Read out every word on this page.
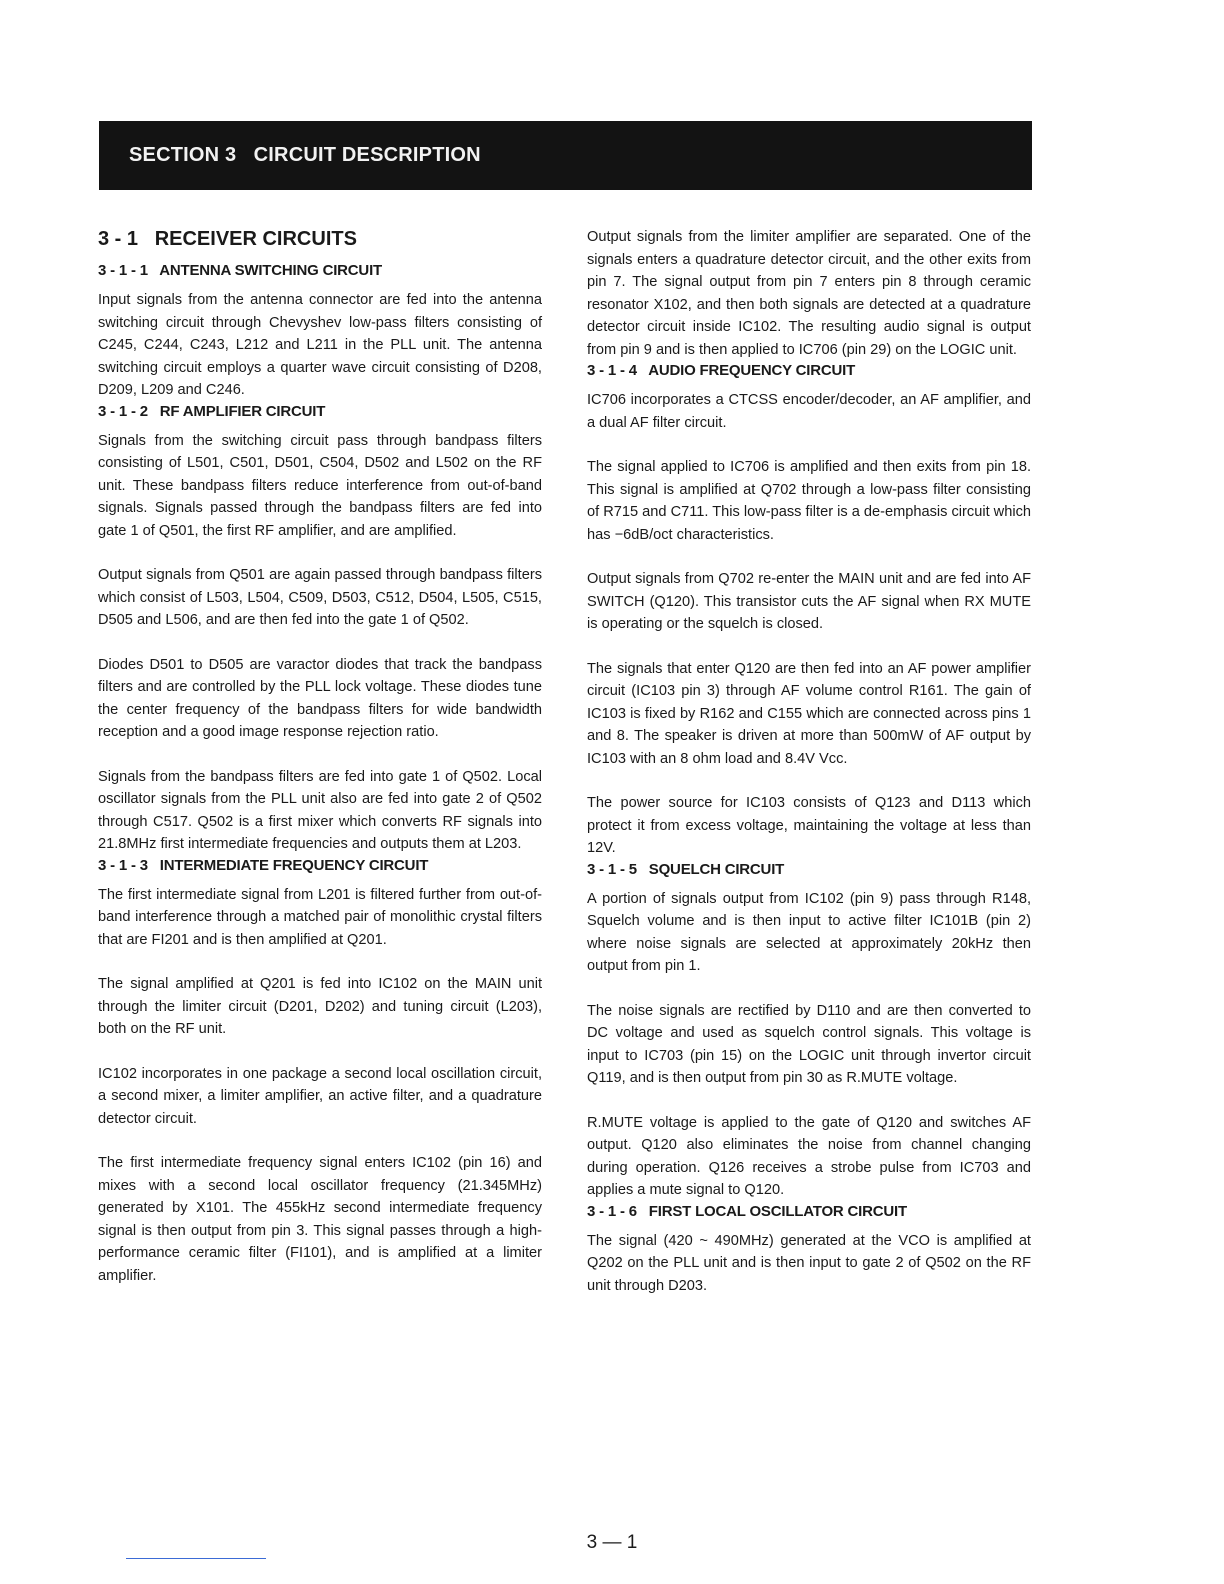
SECTION 3   CIRCUIT DESCRIPTION
3 - 1   RECEIVER CIRCUITS
3 - 1 - 1   ANTENNA SWITCHING CIRCUIT

Input signals from the antenna connector are fed into the antenna switching circuit through Chevyshev low-pass filters consisting of C245, C244, C243, L212 and L211 in the PLL unit. The antenna switching circuit employs a quarter wave circuit consisting of D208, D209, L209 and C246.

3 - 1 - 2   RF AMPLIFIER CIRCUIT

Signals from the switching circuit pass through bandpass filters consisting of L501, C501, D501, C504, D502 and L502 on the RF unit. These bandpass filters reduce interference from out-of-band signals. Signals passed through the bandpass filters are fed into gate 1 of Q501, the first RF amplifier, and are amplified.

Output signals from Q501 are again passed through bandpass filters which consist of L503, L504, C509, D503, C512, D504, L505, C515, D505 and L506, and are then fed into the gate 1 of Q502.

Diodes D501 to D505 are varactor diodes that track the bandpass filters and are controlled by the PLL lock voltage. These diodes tune the center frequency of the bandpass filters for wide bandwidth reception and a good image response rejection ratio.

Signals from the bandpass filters are fed into gate 1 of Q502. Local oscillator signals from the PLL unit also are fed into gate 2 of Q502 through C517. Q502 is a first mixer which converts RF signals into 21.8MHz first intermediate frequencies and outputs them at L203.

3 - 1 - 3   INTERMEDIATE FREQUENCY CIRCUIT

The first intermediate signal from L201 is filtered further from out-of-band interference through a matched pair of monolithic crystal filters that are FI201 and is then amplified at Q201.

The signal amplified at Q201 is fed into IC102 on the MAIN unit through the limiter circuit (D201, D202) and tuning circuit (L203), both on the RF unit.

IC102 incorporates in one package a second local oscillation circuit, a second mixer, a limiter amplifier, an active filter, and a quadrature detector circuit.

The first intermediate frequency signal enters IC102 (pin 16) and mixes with a second local oscillator frequency (21.345MHz) generated by X101. The 455kHz second intermediate frequency signal is then output from pin 3. This signal passes through a high-performance ceramic filter (FI101), and is amplified at a limiter amplifier.

Output signals from the limiter amplifier are separated. One of the signals enters a quadrature detector circuit, and the other exits from pin 7. The signal output from pin 7 enters pin 8 through ceramic resonator X102, and then both signals are detected at a quadrature detector circuit inside IC102. The resulting audio signal is output from pin 9 and is then applied to IC706 (pin 29) on the LOGIC unit.

3 - 1 - 4   AUDIO FREQUENCY CIRCUIT

IC706 incorporates a CTCSS encoder/decoder, an AF amplifier, and a dual AF filter circuit.

The signal applied to IC706 is amplified and then exits from pin 18. This signal is amplified at Q702 through a low-pass filter consisting of R715 and C711. This low-pass filter is a de-emphasis circuit which has −6dB/oct characteristics.

Output signals from Q702 re-enter the MAIN unit and are fed into AF SWITCH (Q120). This transistor cuts the AF signal when RX MUTE is operating or the squelch is closed.

The signals that enter Q120 are then fed into an AF power amplifier circuit (IC103 pin 3) through AF volume control R161. The gain of IC103 is fixed by R162 and C155 which are connected across pins 1 and 8. The speaker is driven at more than 500mW of AF output by IC103 with an 8 ohm load and 8.4V Vcc.

The power source for IC103 consists of Q123 and D113 which protect it from excess voltage, maintaining the voltage at less than 12V.

3 - 1 - 5   SQUELCH CIRCUIT

A portion of signals output from IC102 (pin 9) pass through R148, Squelch volume and is then input to active filter IC101B (pin 2) where noise signals are selected at approximately 20kHz then output from pin 1.

The noise signals are rectified by D110 and are then converted to DC voltage and used as squelch control signals. This voltage is input to IC703 (pin 15) on the LOGIC unit through invertor circuit Q119, and is then output from pin 30 as R.MUTE voltage.

R.MUTE voltage is applied to the gate of Q120 and switches AF output. Q120 also eliminates the noise from channel changing during operation. Q126 receives a strobe pulse from IC703 and applies a mute signal to Q120.

3 - 1 - 6   FIRST LOCAL OSCILLATOR CIRCUIT

The signal (420 ~ 490MHz) generated at the VCO is amplified at Q202 on the PLL unit and is then input to gate 2 of Q502 on the RF unit through D203.

3 — 1
